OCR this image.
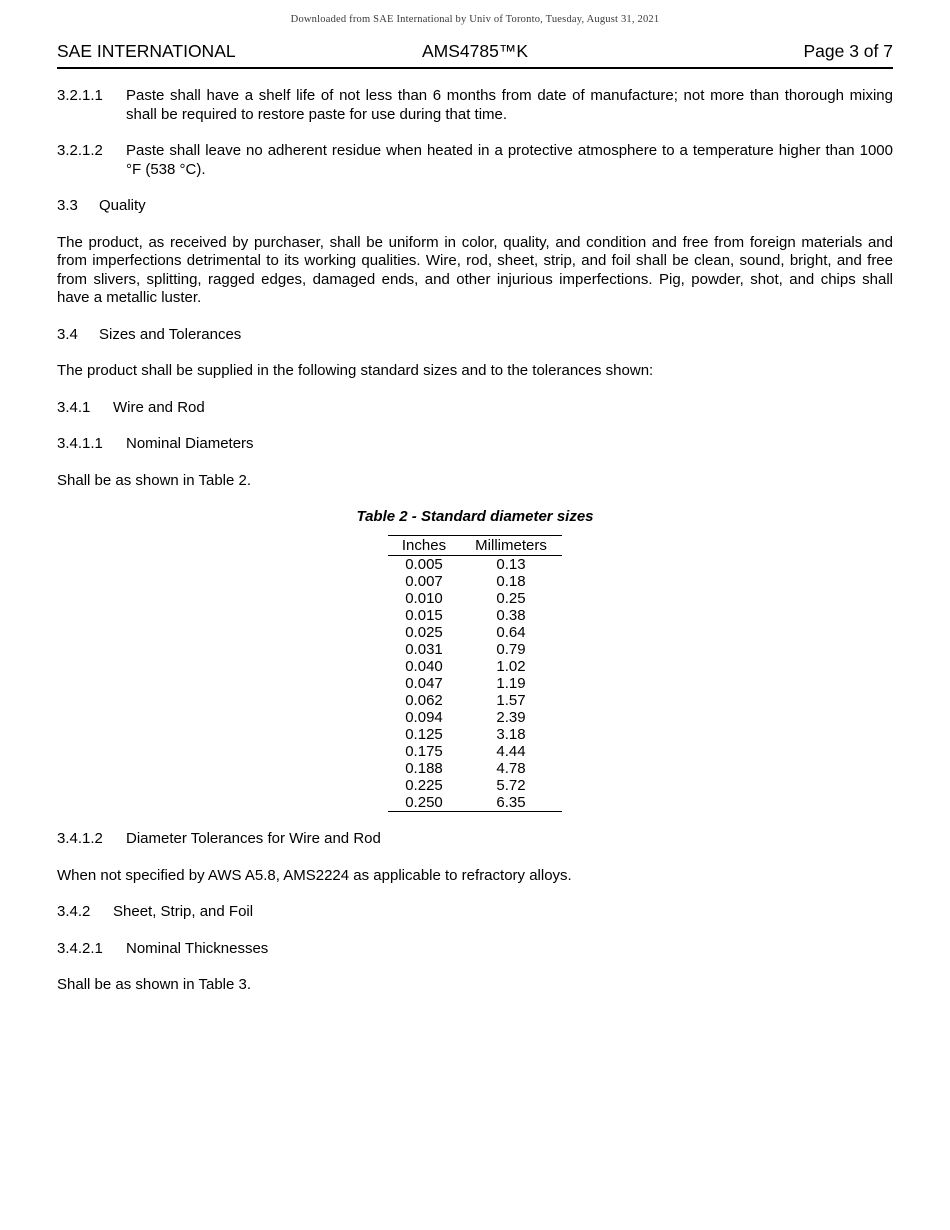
Downloaded from SAE International by Univ of Toronto, Tuesday, August 31, 2021
SAE INTERNATIONAL	AMS4785™K	Page 3 of 7
3.2.1.1	Paste shall have a shelf life of not less than 6 months from date of manufacture; not more than thorough mixing shall be required to restore paste for use during that time.
3.2.1.2	Paste shall leave no adherent residue when heated in a protective atmosphere to a temperature higher than 1000 °F (538 °C).
3.3	Quality
The product, as received by purchaser, shall be uniform in color, quality, and condition and free from foreign materials and from imperfections detrimental to its working qualities. Wire, rod, sheet, strip, and foil shall be clean, sound, bright, and free from slivers, splitting, ragged edges, damaged ends, and other injurious imperfections. Pig, powder, shot, and chips shall have a metallic luster.
3.4	Sizes and Tolerances
The product shall be supplied in the following standard sizes and to the tolerances shown:
3.4.1	Wire and Rod
3.4.1.1	Nominal Diameters
Shall be as shown in Table 2.
Table 2 - Standard diameter sizes
Inches	Millimeters
0.005	0.13
0.007	0.18
0.010	0.25
0.015	0.38
0.025	0.64
0.031	0.79
0.040	1.02
0.047	1.19
0.062	1.57
0.094	2.39
0.125	3.18
0.175	4.44
0.188	4.78
0.225	5.72
0.250	6.35
3.4.1.2	Diameter Tolerances for Wire and Rod
When not specified by AWS A5.8, AMS2224 as applicable to refractory alloys.
3.4.2	Sheet, Strip, and Foil
3.4.2.1	Nominal Thicknesses
Shall be as shown in Table 3.
